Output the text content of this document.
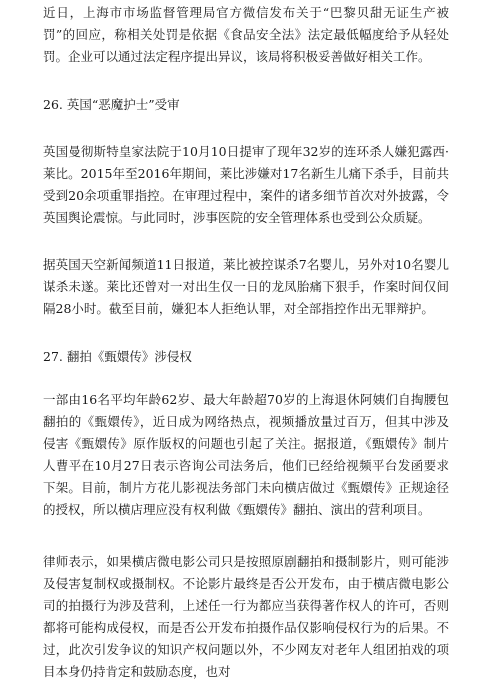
近日，上海市市场监督管理局官方微信发布关于“巴黎贝甜无证生产被罚”的回应，称相关处罚是依据《食品安全法》法定最低幅度给予从轻处罚。企业可以通过法定程序提出异议，该局将积极妥善做好相关工作。

26. 英国“恶魔护士”受审

英国曼彻斯特皇家法院于10月10日提审了现年32岁的连环杀人嫌犯露西·莱比。2015年至2016年期间，莱比涉嫌对17名新生儿痛下杀手，目前共受到20余项重罪指控。在审理过程中，案件的诸多细节首次对外披露，令英国舆论震惊。与此同时，涉事医院的安全管理体系也受到公众质疑。

据英国天空新闻频道11日报道，莱比被控谋杀7名婴儿，另外对10名婴儿谋杀未遂。莱比还曾对一对出生仅一日的龙凤胎痛下狠手，作案时间仅间隔28小时。截至目前，嫌犯本人拒绝认罪，对全部指控作出无罪辩护。

27. 翻拍《甄嬛传》涉侵权

一部由16名平均年龄62岁、最大年龄超70岁的上海退休阿姨们自掏腰包翻拍的《甄嬛传》，近日成为网络热点，视频播放量过百万，但其中涉及侵害《甄嬛传》原作版权的问题也引起了关注。据报道，《甄嬛传》制片人曹平在10月27日表示咨询公司法务后，他们已经给视频平台发函要求下架。目前，制片方花儿影视法务部门未向横店做过《甄嬛传》正规途径的授权，所以横店理应没有权利做《甄嬛传》翻拍、演出的营利项目。

律师表示，如果横店微电影公司只是按照原剧翻拍和摄制影片，则可能涉及侵害复制权或摄制权。不论影片最终是否公开发布，由于横店微电影公司的拍摄行为涉及营利，上述任一行为都应当获得著作权人的许可，否则都将可能构成侵权，而是否公开发布拍摄作品仅影响侵权行为的后果。不过，此次引发争议的知识产权问题以外，不少网友对老年人组团拍戏的项目本身仍持肯定和鼓励态度，也对
